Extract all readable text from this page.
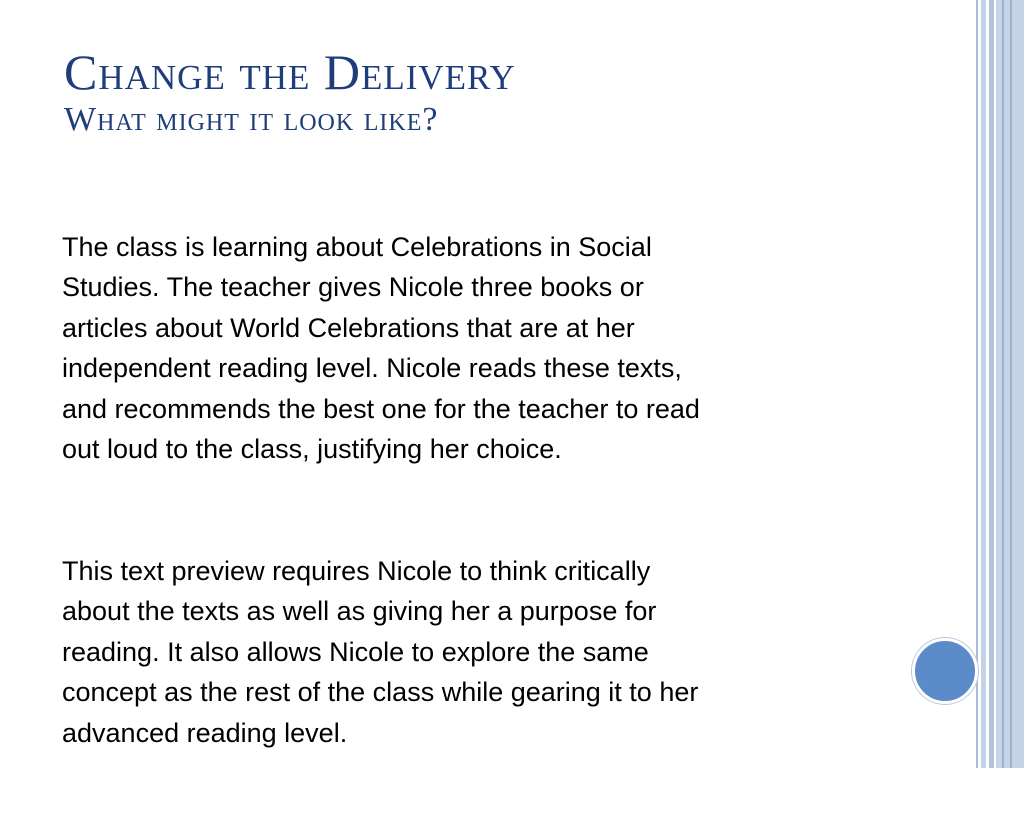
Change the Delivery
What might it look like?

The class is learning about Celebrations in Social
Studies. The teacher gives Nicole three books or
articles about World Celebrations that are at her
independent reading level. Nicole reads these texts,
and recommends the best one for the teacher to read
out loud to the class, justifying her choice.

This text preview requires Nicole to think critically
about the texts as well as giving her a purpose for
reading. It also allows Nicole to explore the same
concept as the rest of the class while gearing it to her
advanced reading level.
